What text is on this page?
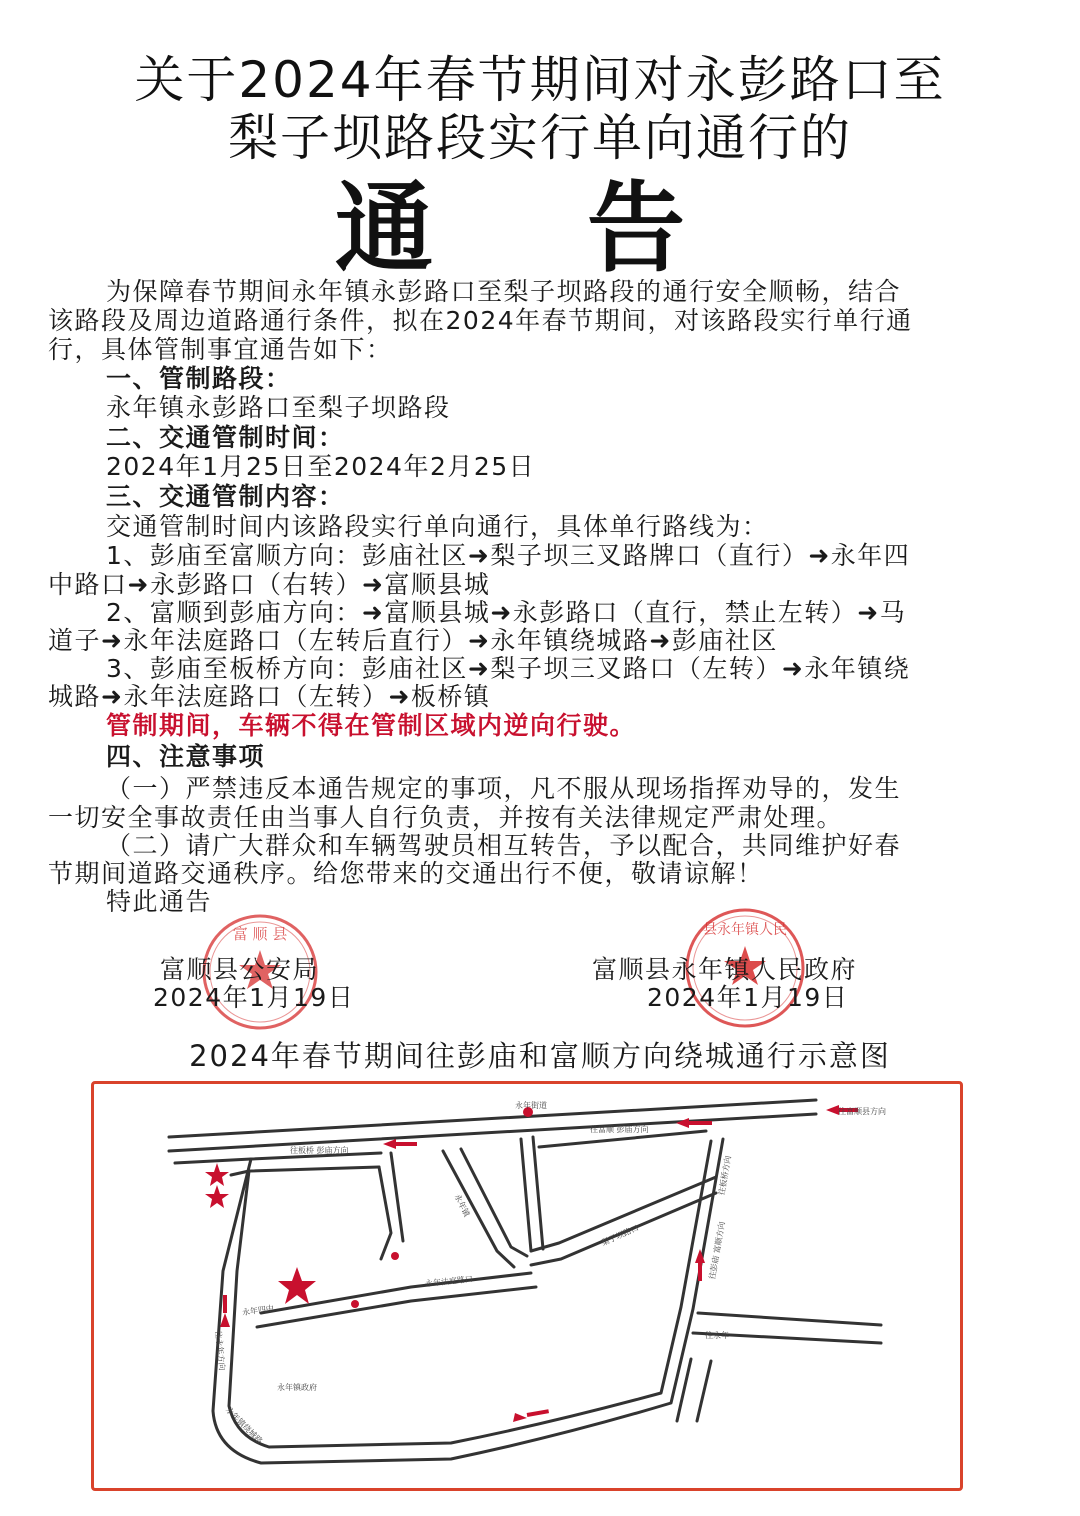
关于2024年春节期间对永彭路口至
梨子坝路段实行单向通行的
通 告
为保障春节期间永年镇永彭路口至梨子坝路段的通行安全顺畅，结合
该路段及周边道路通行条件，拟在2024年春节期间，对该路段实行单行通
行，具体管制事宜通告如下：
一、管制路段：
永年镇永彭路口至梨子坝路段
二、交通管制时间：
2024年1月25日至2024年2月25日
三、交通管制内容：
交通管制时间内该路段实行单向通行，具体单行路线为：
1、彭庙至富顺方向：彭庙社区➜梨子坝三叉路牌口（直行）➜永年四
中路口➜永彭路口（右转）➜富顺县城
2、富顺到彭庙方向：➜富顺县城➜永彭路口（直行，禁止左转）➜马
道子➜永年法庭路口（左转后直行）➜永年镇绕城路➜彭庙社区
3、彭庙至板桥方向：彭庙社区➜梨子坝三叉路口（左转）➜永年镇绕
城路➜永年法庭路口（左转）➜板桥镇
管制期间，车辆不得在管制区域内逆向行驶。
四、注意事项
（一）严禁违反本通告规定的事项，凡不服从现场指挥劝导的，发生
一切安全事故责任由当事人自行负责，并按有关法律规定严肃处理。
（二）请广大群众和车辆驾驶员相互转告，予以配合，共同维护好春
节期间道路交通秩序。给您带来的交通出行不便，敬请谅解！
特此通告
富 顺 县	县永年镇人民
富顺县公安局
2024年1月19日
富顺县永年镇人民政府
2024年1月19日
2024年春节期间往彭庙和富顺方向绕城通行示意图
永年街道
往富顺县方向
往板桥 彭庙方向
往富顺 彭庙方向
往板桥方向
往彭庙 富顺方向
往永年
往永年方向
永年镇绕城路
永年四中
永年法庭路口
永年镇
梨子坝路口
永年镇政府
